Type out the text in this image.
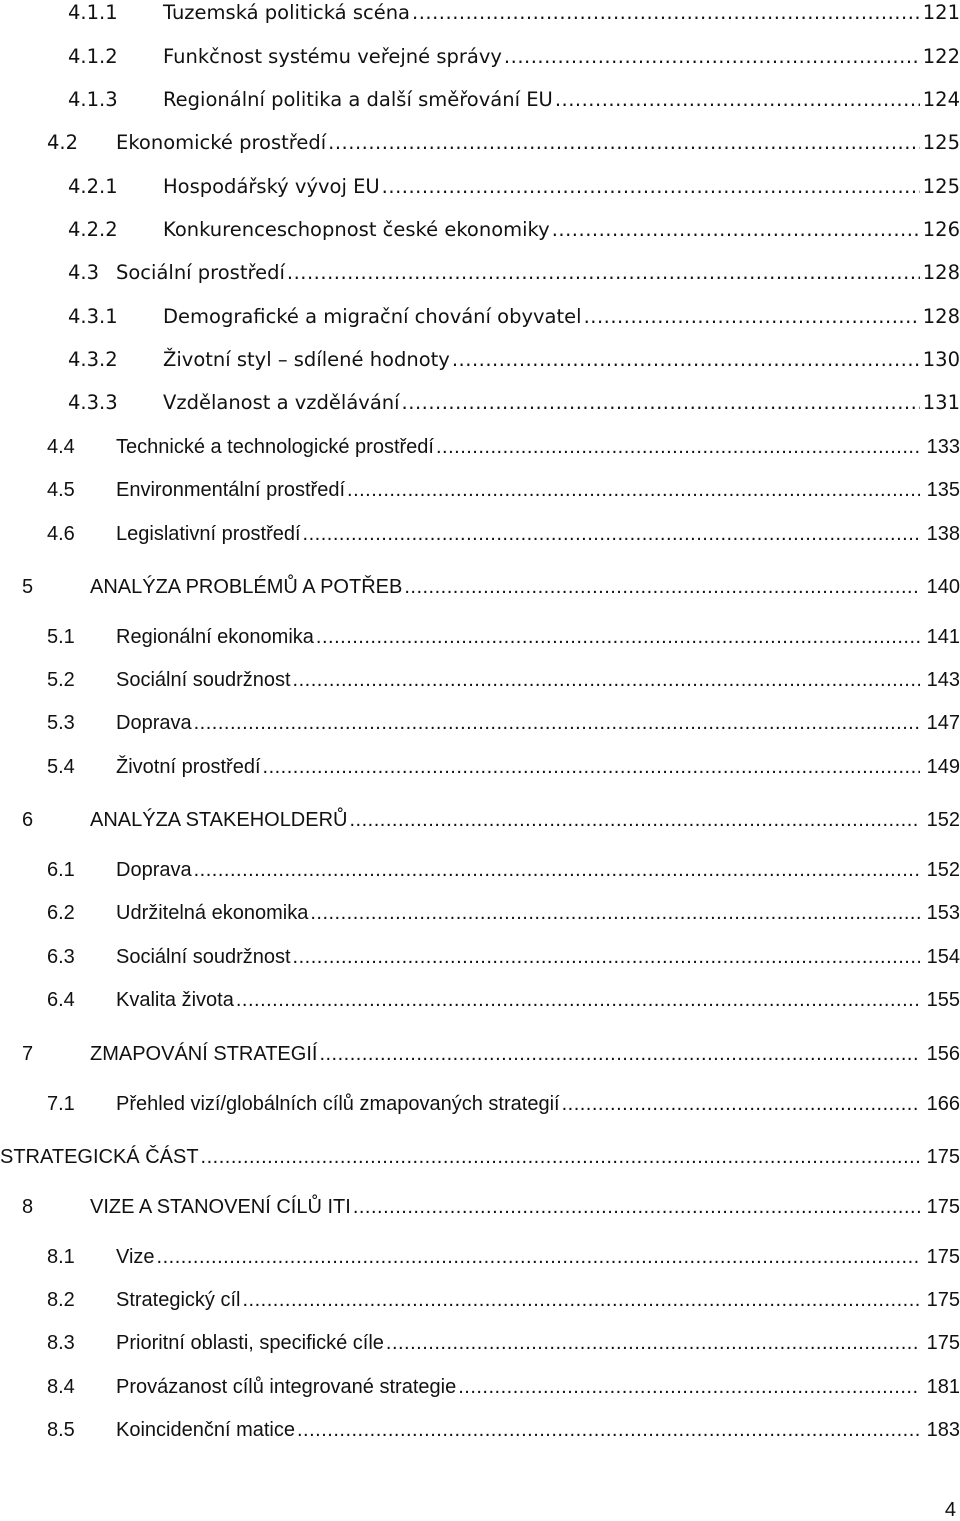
4.1.1	Tuzemská politická scéna .....	121
4.1.2	Funkčnost systému veřejné správy .....	122
4.1.3	Regionální politika a další směřování EU .....	124
4.2	Ekonomické prostředí .....	125
4.2.1	Hospodářský vývoj EU .....	125
4.2.2	Konkurenceschopnost české ekonomiky .....	126
4.3 Sociální prostředí .....	128
4.3.1	Demografické a migrační chování obyvatel .....	128
4.3.2	Životní styl – sdílené hodnoty .....	130
4.3.3	Vzdělanost a vzdělávání .....	131
4.4	Technické a technologické prostředí .....	133
4.5	Environmentální prostředí .....	135
4.6	Legislativní prostředí .....	138
5	ANALÝZA PROBLÉMŮ A POTŘEB .....	140
5.1	Regionální ekonomika .....	141
5.2	Sociální soudržnost .....	143
5.3	Doprava .....	147
5.4	Životní prostředí .....	149
6	ANALÝZA STAKEHOLDERŮ .....	152
6.1	Doprava .....	152
6.2	Udržitelná ekonomika .....	153
6.3	Sociální soudržnost .....	154
6.4	Kvalita života .....	155
7	ZMAPOVÁNÍ STRATEGIÍ .....	156
7.1	Přehled vizí/globálních cílů zmapovaných strategií .....	166
STRATEGICKÁ ČÁST .....	175
8	VIZE A STANOVENÍ CÍLŮ ITI .....	175
8.1	Vize .....	175
8.2	Strategický cíl .....	175
8.3	Prioritní oblasti, specifické cíle .....	175
8.4	Provázanost cílů integrované strategie .....	181
8.5	Koincidenční matice .....	183
4
